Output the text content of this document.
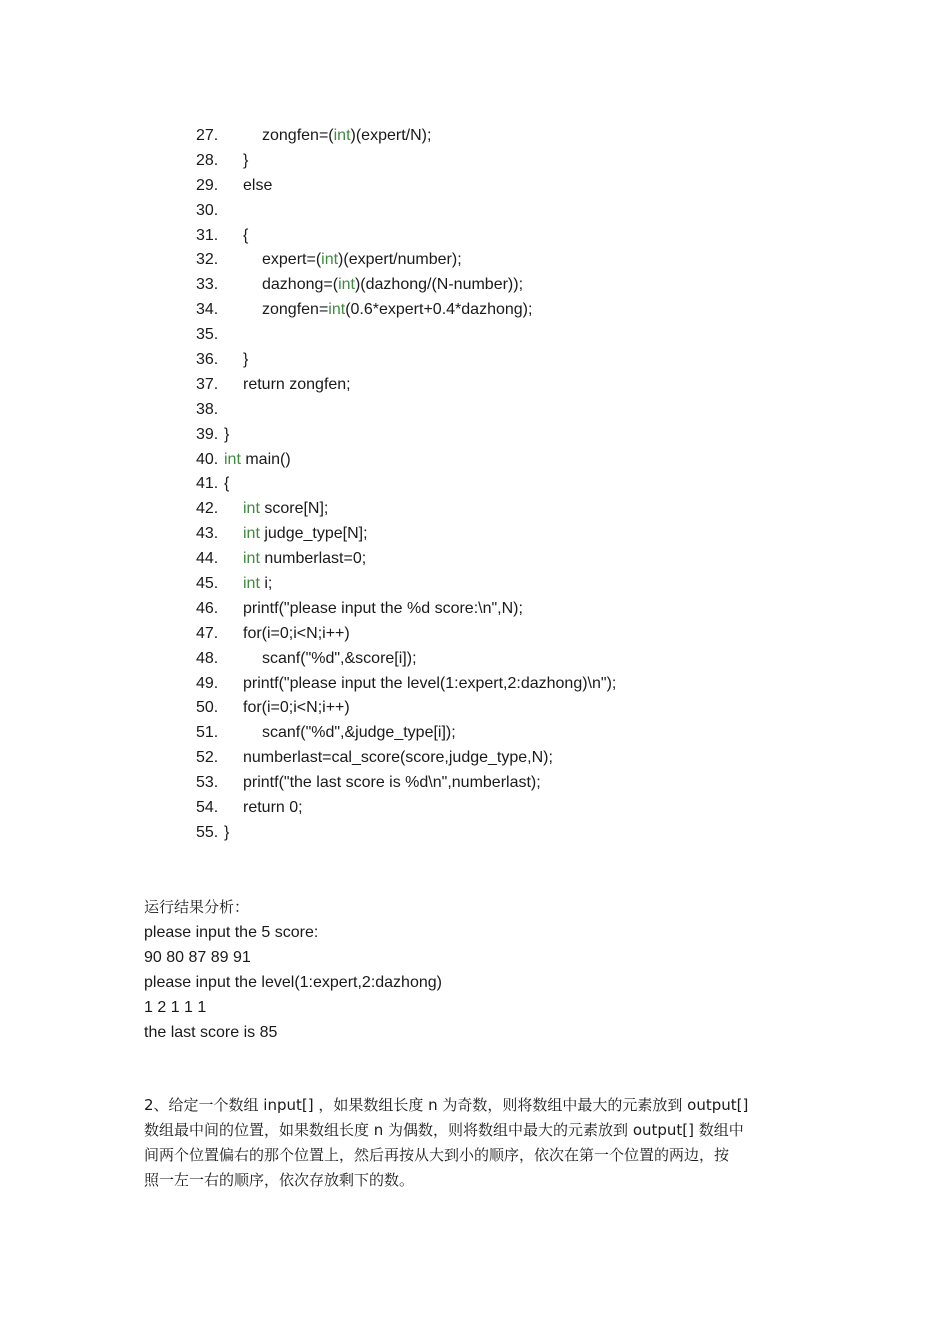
27.	zongfen=(int)(expert/N);
28.	}
29.	else
30.
31.	{
32.	expert=(int)(expert/number);
33.	dazhong=(int)(dazhong/(N-number));
34.	zongfen=int(0.6*expert+0.4*dazhong);
35.
36.	}
37.	return zongfen;
38.
39. }
40. int main()
41. {
42.	int score[N];
43.	int judge_type[N];
44.	int numberlast=0;
45.	int i;
46.	printf("please input the %d score:\n",N);
47.	for(i=0;i<N;i++)
48.	scanf("%d",&score[i]);
49.	printf("please input the level(1:expert,2:dazhong)\n");
50.	for(i=0;i<N;i++)
51.	scanf("%d",&judge_type[i]);
52.	numberlast=cal_score(score,judge_type,N);
53.	printf("the last score is %d\n",numberlast);
54.	return 0;
55. }
运行结果分析：
please input the 5 score:
90 80 87 89 91
please input the level(1:expert,2:dazhong)
1 2 1 1 1
the last score is 85
2、给定一个数组 input[] ，如果数组长度 n 为奇数，则将数组中最大的元素放到 output[]
数组最中间的位置，如果数组长度 n 为偶数，则将数组中最大的元素放到 output[] 数组中
间两个位置偏右的那个位置上，然后再按从大到小的顺序，依次在第一个位置的两边，按
照一左一右的顺序，依次存放剩下的数。
